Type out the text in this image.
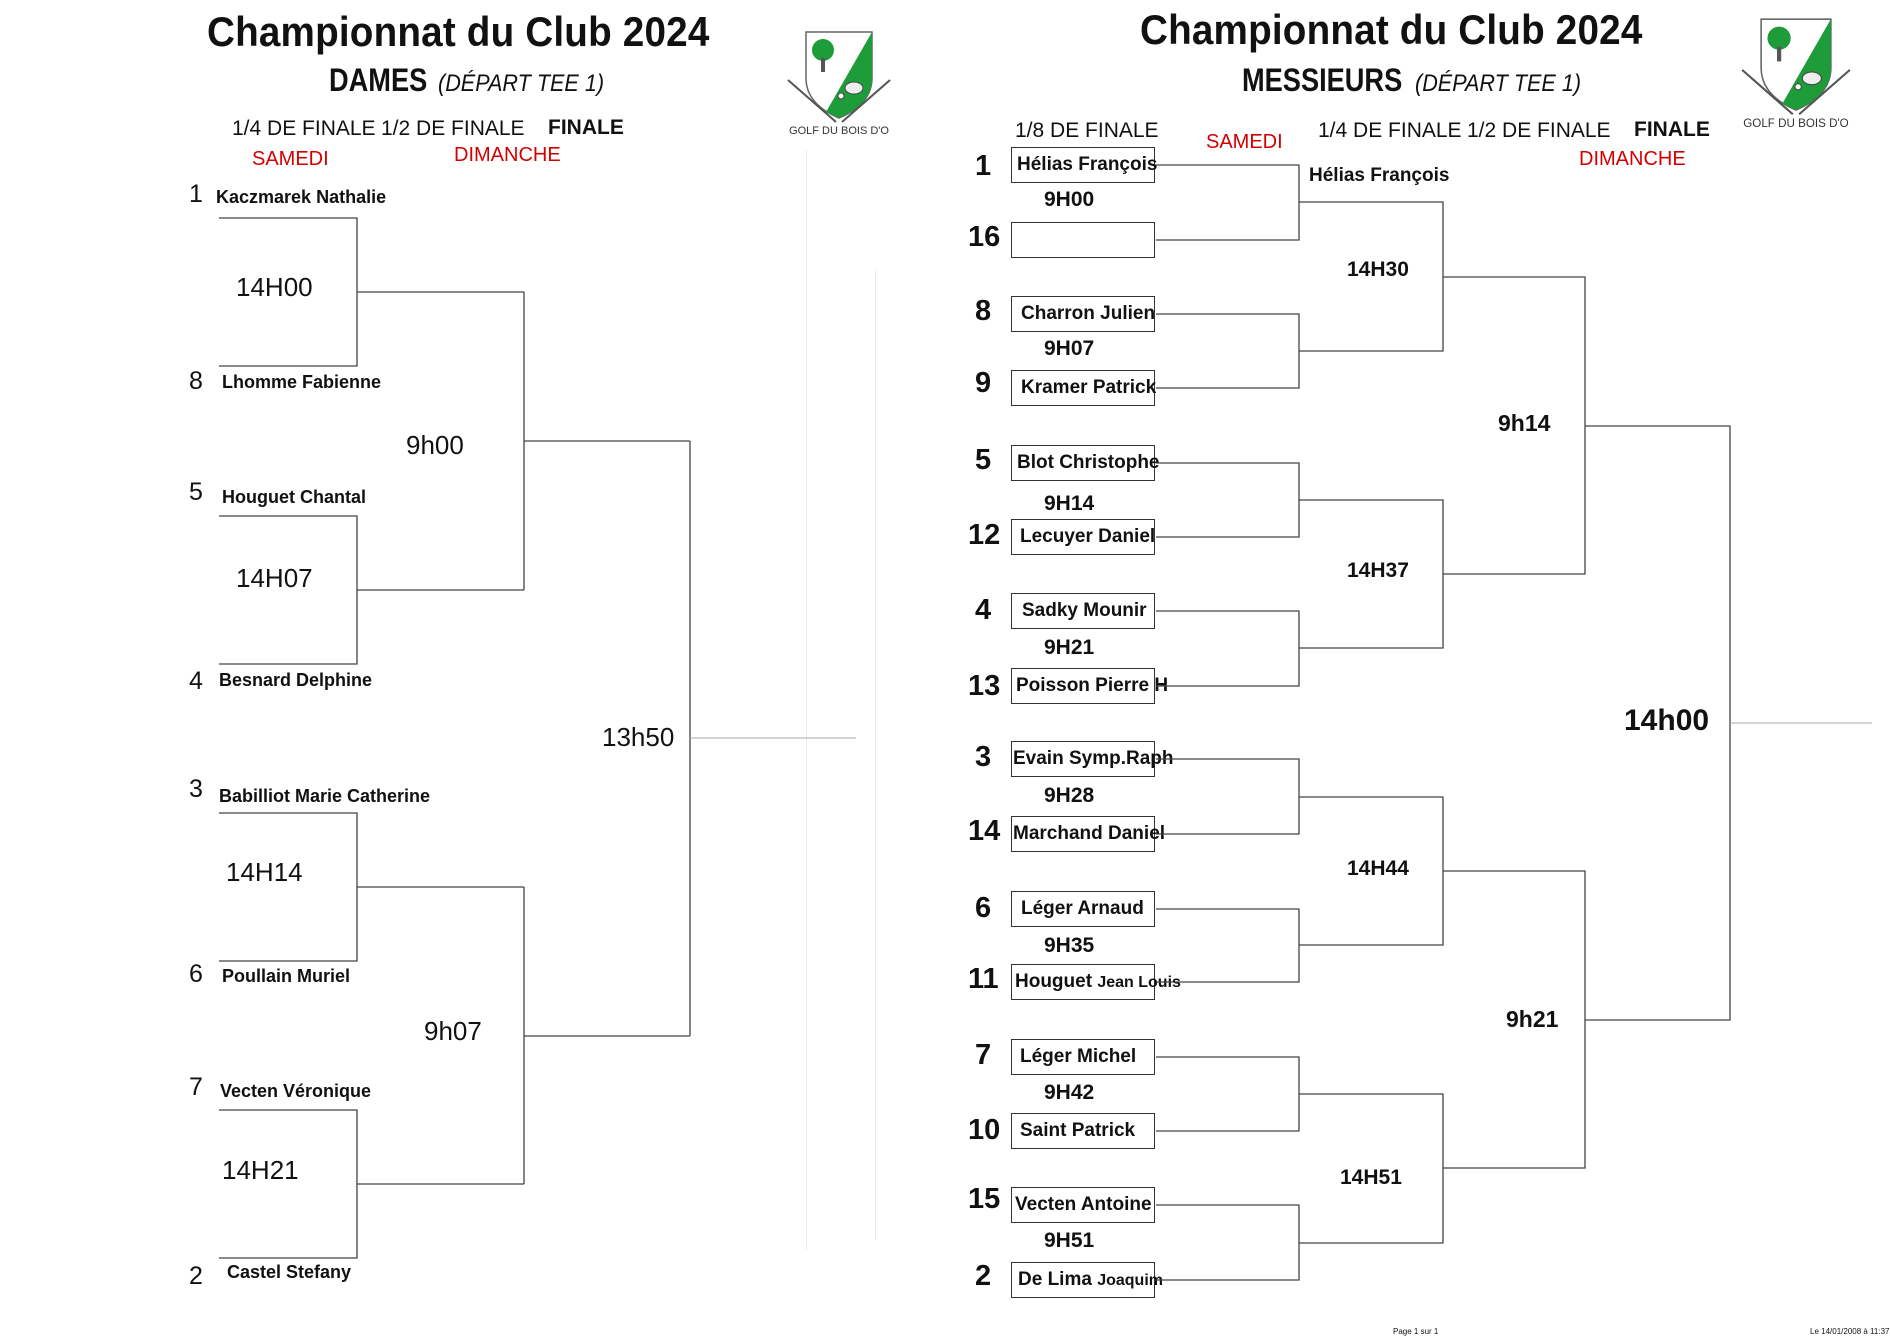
Championnat du Club 2024
DAMES (DÉPART TEE 1)
1/4 DE FINALE 1/2 DE FINALE FINALE
SAMEDI	DIMANCHE
GOLF DU BOIS D'O
1 Kaczmarek Nathalie
8 Lhomme Fabienne
5 Houguet Chantal
4 Besnard Delphine
3 Babilliot Marie Catherine
6 Poullain Muriel
7 Vecten Véronique
2 Castel Stefany
14H00
14H07
14H14
14H21
9h00
9h07
13h50
Championnat du Club 2024
MESSIEURS (DÉPART TEE 1)
1/8 DE FINALE	1/4 DE FINALE 1/2 DE FINALE FINALE
SAMEDI
DIMANCHE
GOLF DU BOIS D'O
1
16
8
9
5
12
4
13
3
14
6
11
7
10
15
2
Hélias François
Charron Julien
Kramer Patrick
Blot Christophe
Lecuyer Daniel
Sadky Mounir
Poisson Pierre H
Evain Symp.Raph
Marchand Daniel
Léger Arnaud
Houguet Jean Louis
Léger Michel
Saint Patrick
Vecten Antoine
De Lima Joaquim
9H00
9H07
9H14
9H21
9H28
9H35
9H42
9H51
Hélias François
14H30
14H37
14H44
14H51
9h14
9h21
14h00
Page 1 sur 1	Le 14/01/2008 à 11:37
